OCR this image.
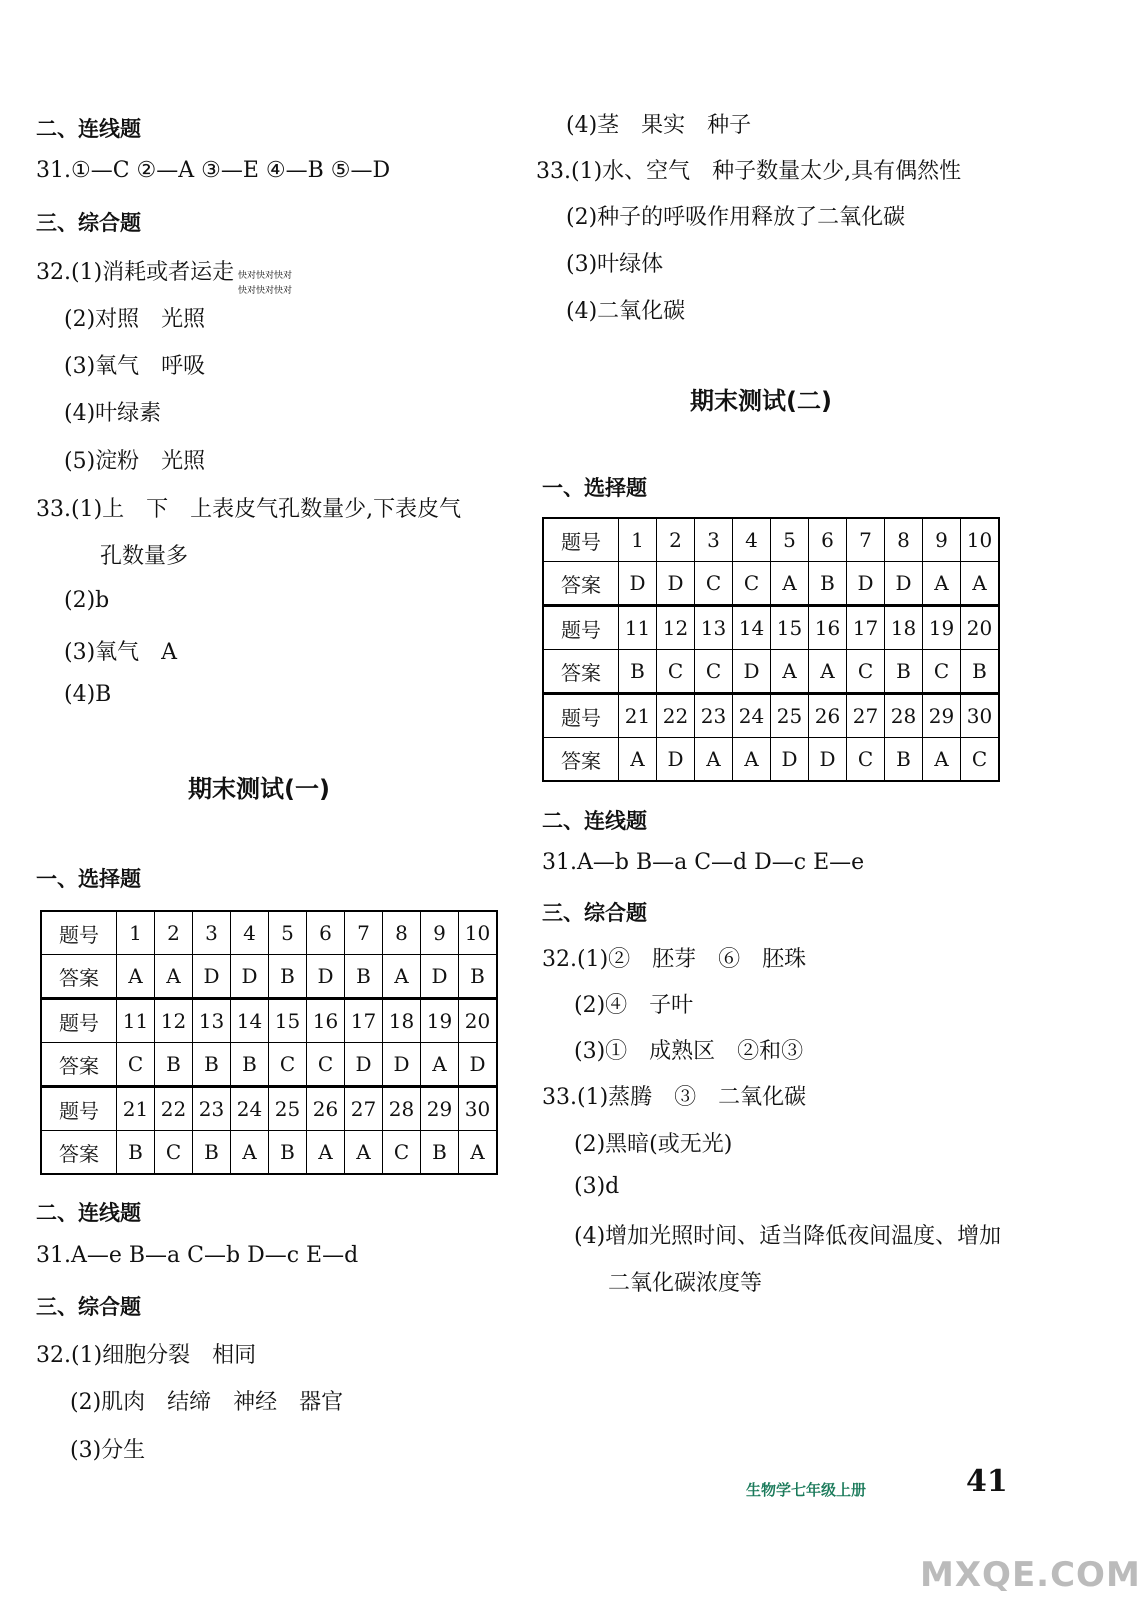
二、连线题
31.①—C ②—A ③—E ④—B ⑤—D
三、综合题
32.(1)消耗或者运走 快对快对快对
快对快对快对
(2)对照　光照
(3)氧气　呼吸
(4)叶绿素
(5)淀粉　光照
33.(1)上　下　上表皮气孔数量少,下表皮气
孔数量多
(2)b
(3)氧气　A
(4)B
期末测试(一)
一、选择题
题号	1	2	3	4	5	6	7	8	9	10
答案	A	A	D	D	B	D	B	A	D	B
题号	11	12	13	14	15	16	17	18	19	20
答案	C	B	B	B	C	C	D	D	A	D
题号	21	22	23	24	25	26	27	28	29	30
答案	B	C	B	A	B	A	A	C	B	A
二、连线题
31.A—e B—a C—b D—c E—d
三、综合题
32.(1)细胞分裂　相同
(2)肌肉　结缔　神经　器官
(3)分生
(4)茎　果实　种子
33.(1)水、空气　种子数量太少,具有偶然性
(2)种子的呼吸作用释放了二氧化碳
(3)叶绿体
(4)二氧化碳
期末测试(二)
一、选择题
题号	1	2	3	4	5	6	7	8	9	10
答案	D	D	C	C	A	B	D	D	A	A
题号	11	12	13	14	15	16	17	18	19	20
答案	B	C	C	D	A	A	C	B	C	B
题号	21	22	23	24	25	26	27	28	29	30
答案	A	D	A	A	D	D	C	B	A	C
二、连线题
31.A—b B—a C—d D—c E—e
三、综合题
32.(1)②　胚芽　⑥　胚珠
(2)④　子叶
(3)①　成熟区　②和③
33.(1)蒸腾　③　二氧化碳
(2)黑暗(或无光)
(3)d
(4)增加光照时间、适当降低夜间温度、增加
二氧化碳浓度等
生物学七年级上册	41
MXQE.COM
